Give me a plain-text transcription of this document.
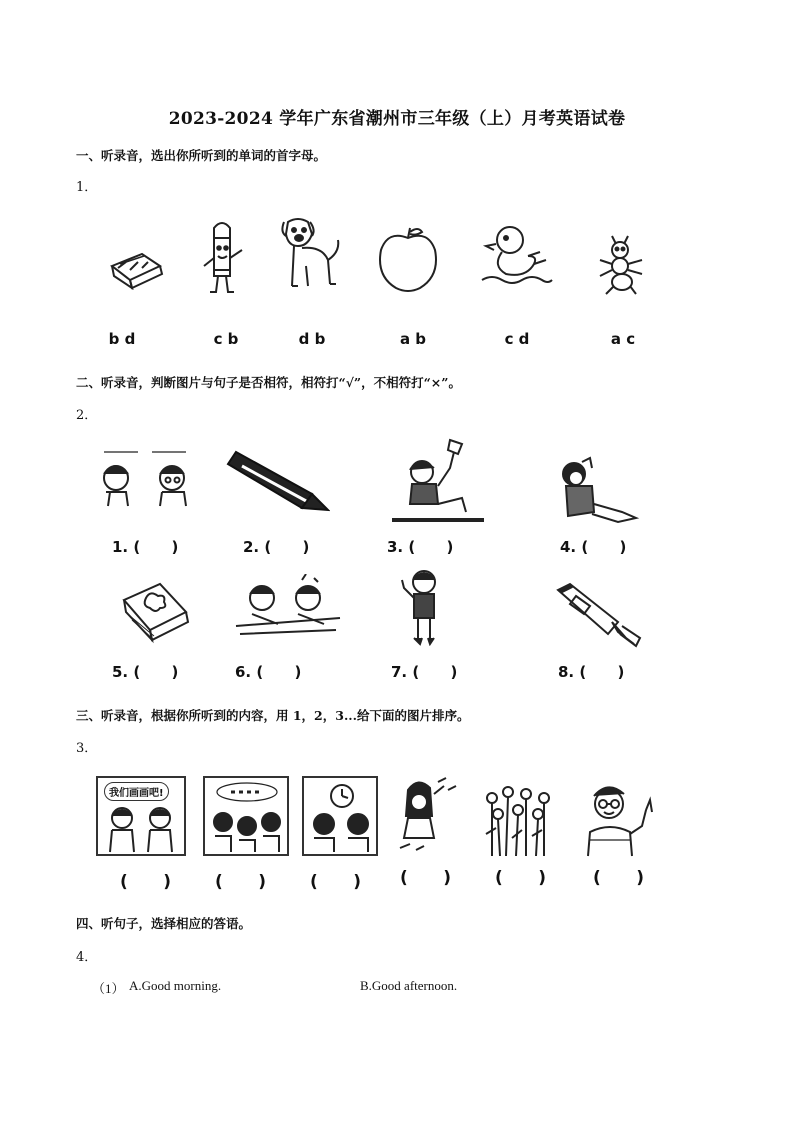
2023-2024 学年广东省潮州市三年级（上）月考英语试卷
一、听录音，选出你所听到的单词的首字母。
1．
b d	c b	d b	a b	c d	a c
二、听录音，判断图片与句子是否相符，相符打“√”，不相符打“×”。
2．
1. (      )	2. (      )	3. (      )	4. (      )
5. (      )	6. (      )	7. (      )	8. (      )
三、听录音，根据你所听到的内容，用 1，2，3...给下面的图片排序。
3．
我们画画吧!
(      )	(      )	(      ) (      )	(      )	(      )
四、听句子，选择相应的答语。
4．
（1） A.Good morning.	B.Good afternoon.
